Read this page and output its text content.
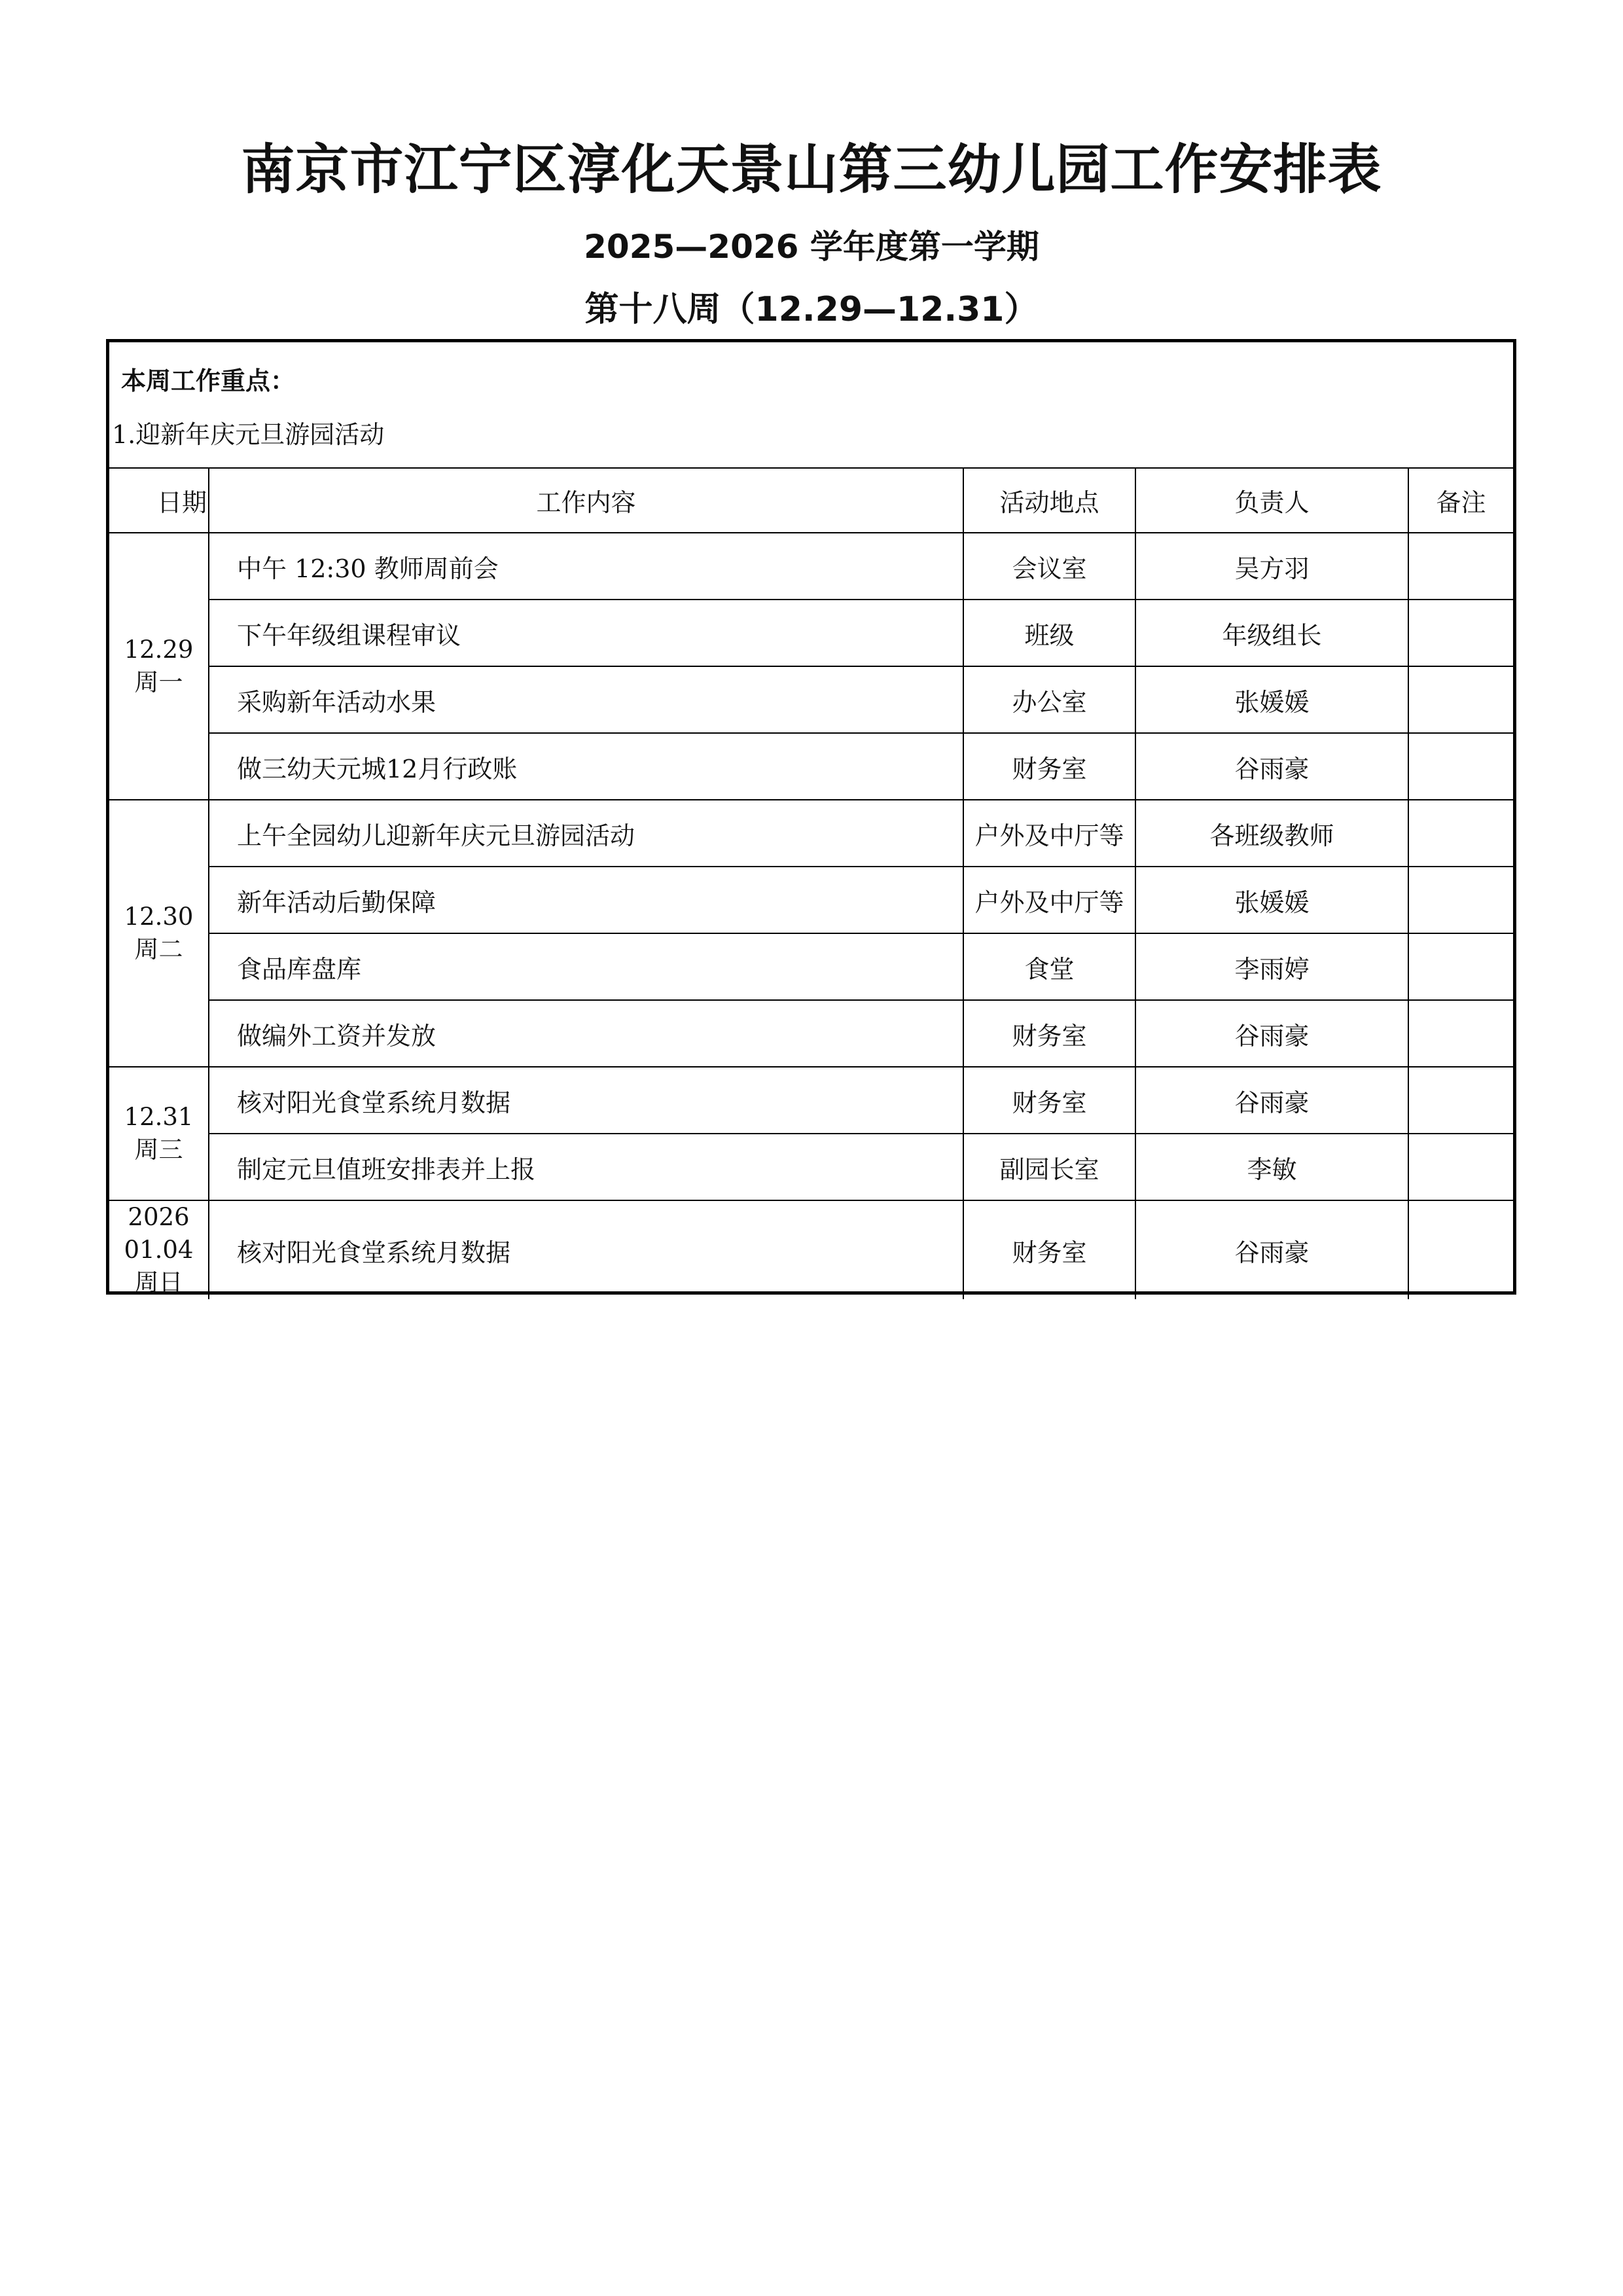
南京市江宁区淳化天景山第三幼儿园工作安排表
2025—2026 学年度第一学期
第十八周（12.29—12.31）
本周工作重点：
1.迎新年庆元旦游园活动
日期	工作内容	活动地点	负责人	备注

12.29
周一	中午 12:30 教师周前会	会议室	吴方羽	
	下午年级组课程审议	班级	年级组长	
	采购新年活动水果	办公室	张媛媛	
	做三幼天元城12月行政账	财务室	谷雨豪	

12.30
周二	上午全园幼儿迎新年庆元旦游园活动	户外及中厅等	各班级教师	
	新年活动后勤保障	户外及中厅等	张媛媛	
	食品库盘库	食堂	李雨婷	
	做编外工资并发放	财务室	谷雨豪	

12.31
周三	核对阳光食堂系统月数据	财务室	谷雨豪	
	制定元旦值班安排表并上报	副园长室	李敏	

2026
01.04
周日	核对阳光食堂系统月数据	财务室	谷雨豪	
